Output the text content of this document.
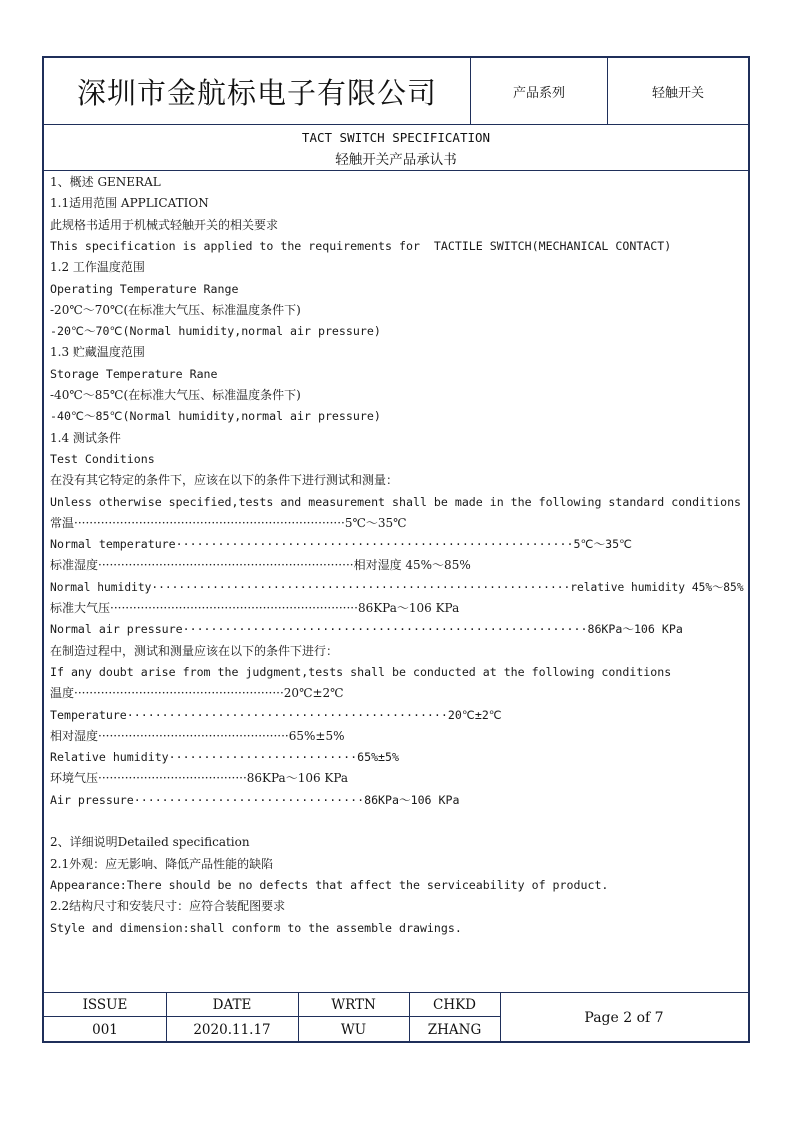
深圳市金航标电子有限公司	产品系列	轻触开关
TACT SWITCH SPECIFICATION
轻触开关产品承认书
1、概述 GENERAL
1.1适用范围 APPLICATION
此规格书适用于机械式轻触开关的相关要求
This specification is applied to the requirements for  TACTILE SWITCH(MECHANICAL CONTACT)
1.2 工作温度范围
Operating Temperature Range
-20℃～70℃(在标准大气压、标准温度条件下)
-20℃～70℃(Normal humidity,normal air pressure)
1.3 贮藏温度范围
Storage Temperature Rane
-40℃～85℃(在标准大气压、标准温度条件下)
-40℃～85℃(Normal humidity,normal air pressure)
1.4 测试条件
Test Conditions
在没有其它特定的条件下，应该在以下的条件下进行测试和测量：
Unless otherwise specified,tests and measurement shall be made in the following standard conditions
常温·······································································5℃～35℃
Normal temperature·························································5℃～35℃
标准湿度···································································相对湿度 45%～85%
Normal humidity······························································relative humidity 45%～85%
标准大气压·································································86KPa～106 KPa
Normal air pressure··························································86KPa～106 KPa
在制造过程中，测试和测量应该在以下的条件下进行：
If any doubt arise from the judgment,tests shall be conducted at the following conditions
温度·······················································20℃±2℃
Temperature··············································20℃±2℃
相对湿度··················································65%±5%
Relative humidity···························65%±5%
环境气压·······································86KPa～106 KPa
Air pressure·································86KPa～106 KPa
2、详细说明Detailed specification
2.1外观：应无影响、降低产品性能的缺陷
Appearance:There should be no defects that affect the serviceability of product.
2.2结构尺寸和安装尺寸：应符合装配图要求
Style and dimension:shall conform to the assemble drawings.
ISSUE	DATE	WRTN	CHKD
001	2020.11.17	WU	ZHANG
Page 2 of 7
